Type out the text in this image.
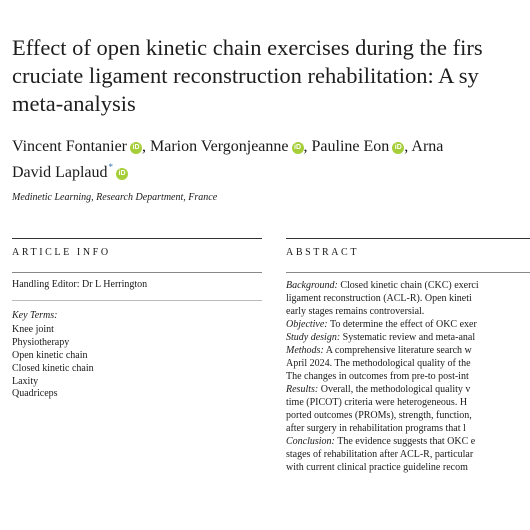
Effect of open kinetic chain exercises during the firs
cruciate ligament reconstruction rehabilitation: A sy
meta-analysis
Vincent Fontanier iD , Marion Vergonjeanne iD , Pauline Eon iD , Arna
David Laplaud*iD
Medinetic Learning, Research Department, France
ARTICLE INFO
Handling Editor: Dr L Herrington
Key Terms:
Knee joint
Physiotherapy
Open kinetic chain
Closed kinetic chain
Laxity
Quadriceps
ABSTRACT
Background: Closed kinetic chain (CKC) exerci
ligament reconstruction (ACL-R). Open kineti
early stages remains controversial.
Objective: To determine the effect of OKC exer
Study design: Systematic review and meta-anal
Methods: A comprehensive literature search w
April 2024. The methodological quality of the
The changes in outcomes from pre-to post-int
Results: Overall, the methodological quality v
time (PICOT) criteria were heterogeneous. H
ported outcomes (PROMs), strength, function,
after surgery in rehabilitation programs that l
Conclusion: The evidence suggests that OKC e
stages of rehabilitation after ACL-R, particular
with current clinical practice guideline recom
